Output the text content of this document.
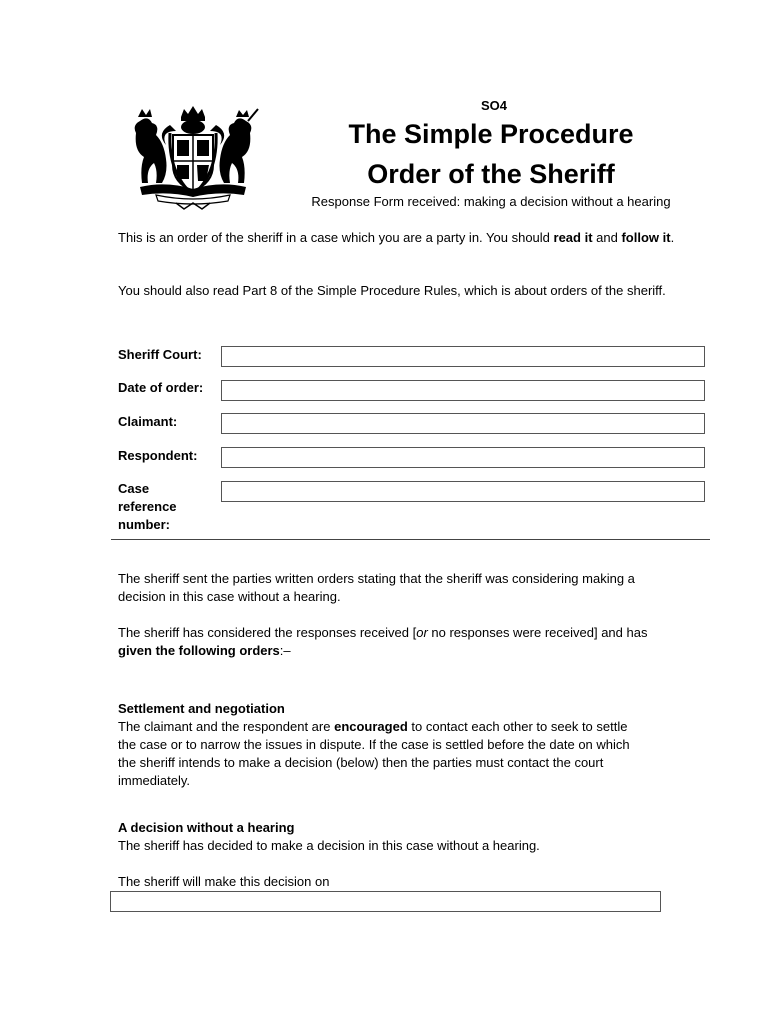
SO4
The Simple Procedure
Order of the Sheriff
Response Form received: making a decision without a hearing
This is an order of the sheriff in a case which you are a party in. You should read it and follow it.
You should also read Part 8 of the Simple Procedure Rules, which is about orders of the sheriff.
Sheriff Court:
Date of order:
Claimant:
Respondent:
Case
reference
number:
The sheriff sent the parties written orders stating that the sheriff was considering making a decision in this case without a hearing.
The sheriff has considered the responses received [or no responses were received] and has given the following orders:–
Settlement and negotiation
The claimant and the respondent are encouraged to contact each other to seek to settle the case or to narrow the issues in dispute. If the case is settled before the date on which the sheriff intends to make a decision (below) then the parties must contact the court immediately.
A decision without a hearing
The sheriff has decided to make a decision in this case without a hearing.
The sheriff will make this decision on
